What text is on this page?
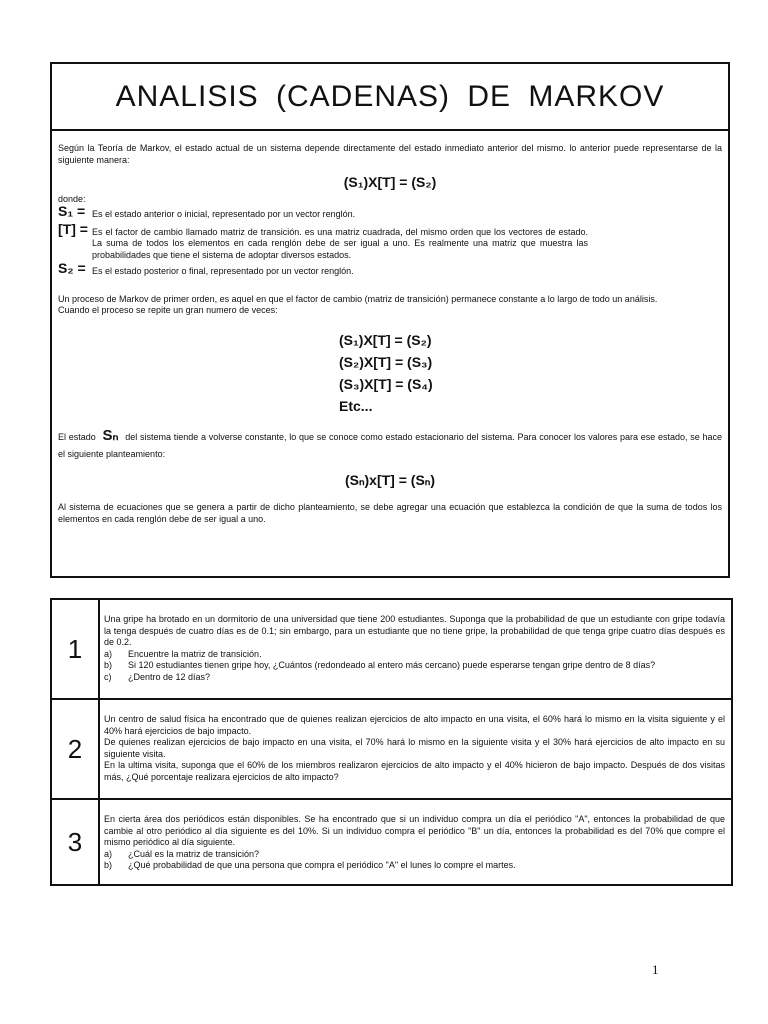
ANALISIS (CADENAS) DE MARKOV
Según la Teoría de Markov, el estado actual de un sistema depende directamente del estado inmediato anterior del mismo. lo anterior puede representarse de la siguiente manera:
(S₁)X[T] = (S₂)
donde:
S₁ = Es el estado anterior o inicial, representado por un vector renglón.
[T] = Es el factor de cambio llamado matriz de transición. es una matriz cuadrada, del mismo orden que los vectores de estado. La suma de todos los elementos en cada renglón debe de ser igual a uno. Es realmente una matriz que muestra las probabilidades que tiene el sistema de adoptar diversos estados.
S₂ = Es el estado posterior o final, representado por un vector renglón.
Un proceso de Markov de primer orden, es aquel en que el factor de cambio (matriz de transición) permanece constante a lo largo de todo un análisis.
Cuando el proceso se repite un gran numero de veces:
(S₁)X[T] = (S₂)
(S₂)X[T] = (S₃)
(S₃)X[T] = (S₄)
Etc...
El estado Sₙ del sistema tiende a volverse constante, lo que se conoce como estado estacionario del sistema. Para conocer los valores para ese estado, se hace el siguiente planteamiento:
(Sₙ)x[T] = (Sₙ)
Al sistema de ecuaciones que se genera a partir de dicho planteamiento, se debe agregar una ecuación que establezca la condición de que la suma de todos los elementos en cada renglón debe de ser igual a uno.
1
Una gripe ha brotado en un dormitorio de una universidad que tiene 200 estudiantes. Suponga que la probabilidad de que un estudiante con gripe todavía la tenga después de cuatro días es de 0.1; sin embargo, para un estudiante que no tiene gripe, la probabilidad de que tenga gripe cuatro días después es de 0.2.
a)	Encuentre la matriz de transición.
b)	Si 120 estudiantes tienen gripe hoy, ¿Cuántos (redondeado al entero más cercano) puede esperarse tengan gripe dentro de 8 días?
c)	¿Dentro de 12 días?
2
Un centro de salud física ha encontrado que de quienes realizan ejercicios de alto impacto en una visita, el 60% hará lo mismo en la visita siguiente y el 40% hará ejercicios de bajo impacto.
De quienes realizan ejercicios de bajo impacto en una visita, el 70% hará lo mismo en la siguiente visita y el 30% hará ejercicios de alto impacto en su siguiente visita.
En la ultima visita, suponga que el 60% de los miembros realizaron ejercicios de alto impacto y el 40% hicieron de bajo impacto. Después de dos visitas más, ¿Qué porcentaje realizara ejercicios de alto impacto?
3
En cierta área dos periódicos están disponibles. Se ha encontrado que si un individuo compra un día el periódico "A", entonces la probabilidad de que cambie al otro periódico al día siguiente es del 10%. Si un individuo compra el periódico "B" un día, entonces la probabilidad es del 70% que compre el mismo periódico al día siguiente.
a)	¿Cuál es la matriz de transición?
b)	¿Qué probabilidad de que una persona que compra el periódico "A" el lunes lo compre el martes.
1
